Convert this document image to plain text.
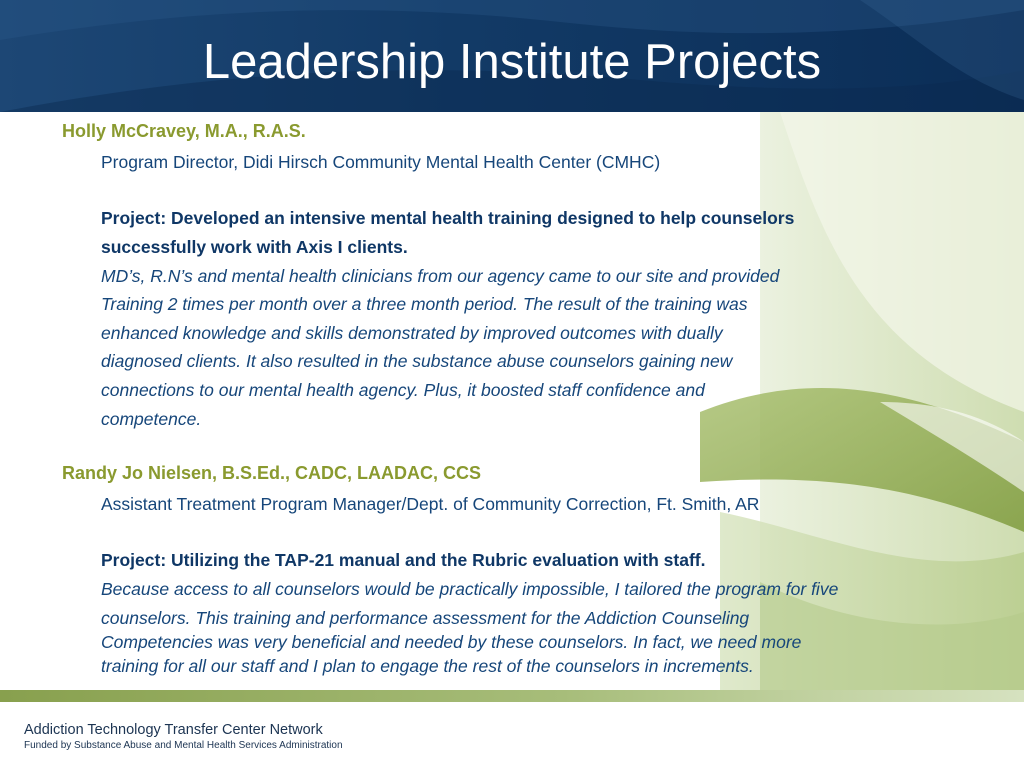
Leadership Institute Projects
Holly McCravey, M.A., R.A.S.
Program Director, Didi Hirsch Community Mental Health Center (CMHC)
Project: Developed an intensive mental health training designed to help counselors
successfully work with Axis I clients.
MD’s, R.N’s and mental health clinicians from our agency came to our site and provided
Training 2 times per month over a three month period. The result of the training was
enhanced knowledge and skills demonstrated by improved outcomes with dually
diagnosed clients. It also resulted in the substance abuse counselors gaining new
connections to our mental health agency. Plus, it boosted staff confidence and
competence.
Randy Jo Nielsen, B.S.Ed., CADC, LAADAC, CCS
Assistant Treatment Program Manager/Dept. of Community Correction, Ft. Smith, AR
Project: Utilizing the TAP-21 manual and the Rubric evaluation with staff.
Because access to all counselors would be practically impossible, I tailored the program for five
counselors. This training and performance assessment for the Addiction Counseling
Competencies was very beneficial and needed by these counselors. In fact, we need more
training for all our staff and I plan to engage the rest of the counselors in increments.
Addiction Technology Transfer Center Network
Funded by Substance Abuse and Mental Health Services Administration
